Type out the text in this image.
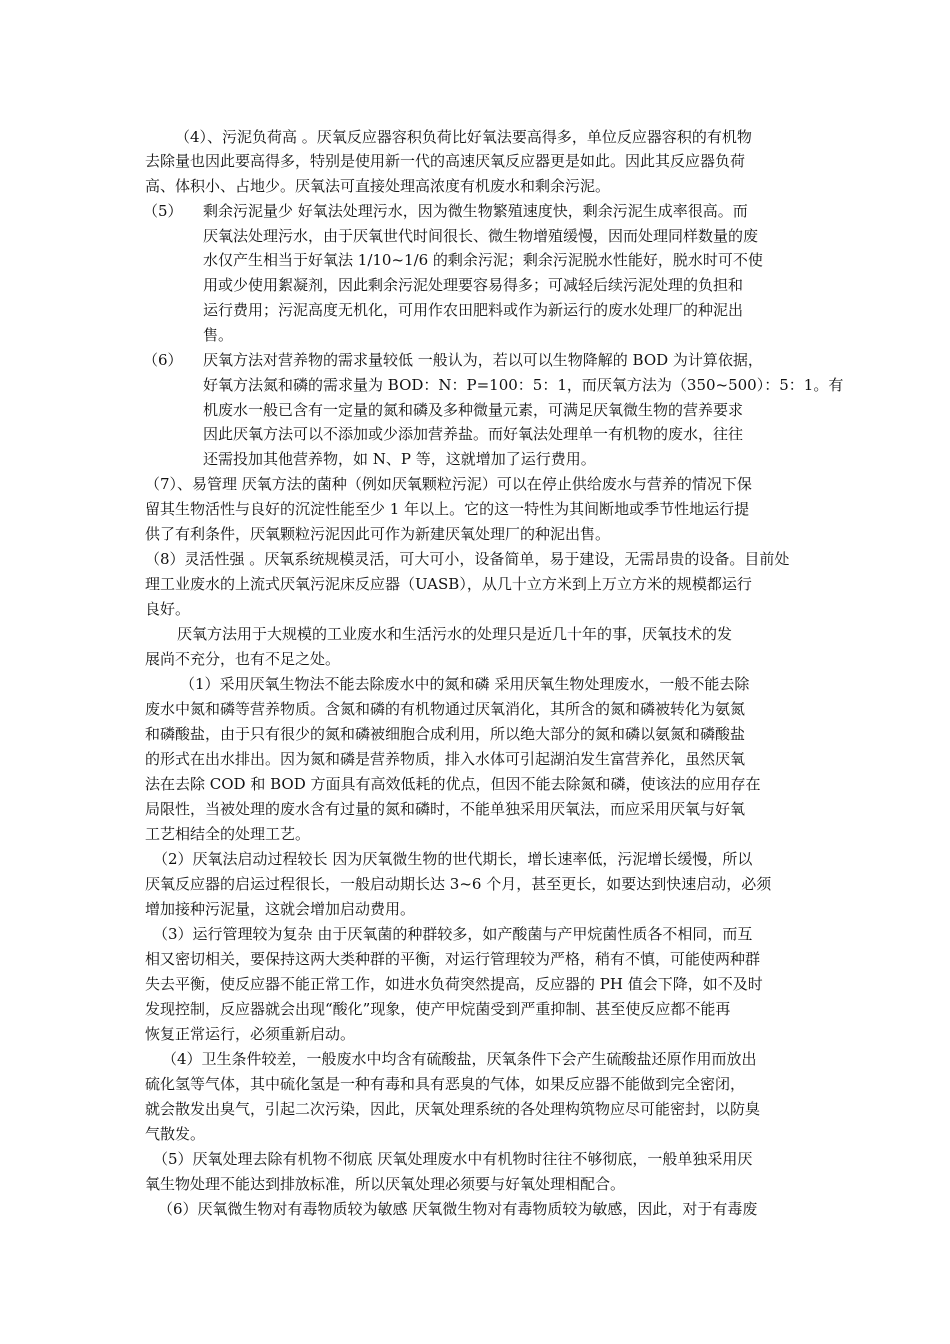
（4）、污泥负荷高 。厌氧反应器容积负荷比好氧法要高得多，单位反应器容积的有机物
去除量也因此要高得多，特别是使用新一代的高速厌氧反应器更是如此。因此其反应器负荷
高、体积小、占地少。厌氧法可直接处理高浓度有机废水和剩余污泥。
（5） 剩余污泥量少 好氧法处理污水，因为微生物繁殖速度快，剩余污泥生成率很高。而
厌氧法处理污水，由于厌氧世代时间很长、微生物增殖缓慢，因而处理同样数量的废
水仅产生相当于好氧法 1/10~1/6 的剩余污泥；剩余污泥脱水性能好，脱水时可不使
用或少使用絮凝剂，因此剩余污泥处理要容易得多；可减轻后续污泥处理的负担和
运行费用；污泥高度无机化，可用作农田肥料或作为新运行的废水处理厂的种泥出
售。
（6） 厌氧方法对营养物的需求量较低 一般认为，若以可以生物降解的 BOD 为计算依据，
好氧方法氮和磷的需求量为 BOD：N：P=100：5：1，而厌氧方法为（350~500）：5：1。有
机废水一般已含有一定量的氮和磷及多种微量元素，可满足厌氧微生物的营养要求
因此厌氧方法可以不添加或少添加营养盐。而好氧法处理单一有机物的废水，往往
还需投加其他营养物，如 N、P 等，这就增加了运行费用。
（7）、易管理 厌氧方法的菌种（例如厌氧颗粒污泥）可以在停止供给废水与营养的情况下保
留其生物活性与良好的沉淀性能至少 1 年以上。它的这一特性为其间断地或季节性地运行提
供了有利条件，厌氧颗粒污泥因此可作为新建厌氧处理厂的种泥出售。
（8）灵活性强 。厌氧系统规模灵活，可大可小，设备简单，易于建设，无需昂贵的设备。目前处
理工业废水的上流式厌氧污泥床反应器（UASB），从几十立方米到上万立方米的规模都运行
良好。
厌氧方法用于大规模的工业废水和生活污水的处理只是近几十年的事，厌氧技术的发
展尚不充分，也有不足之处。
（1）采用厌氧生物法不能去除废水中的氮和磷 采用厌氧生物处理废水，一般不能去除
废水中氮和磷等营养物质。含氮和磷的有机物通过厌氧消化，其所含的氮和磷被转化为氨氮
和磷酸盐，由于只有很少的氮和磷被细胞合成利用，所以绝大部分的氮和磷以氨氮和磷酸盐
的形式在出水排出。因为氮和磷是营养物质，排入水体可引起湖泊发生富营养化，虽然厌氧
法在去除 COD 和 BOD 方面具有高效低耗的优点，但因不能去除氮和磷，使该法的应用存在
局限性，当被处理的废水含有过量的氮和磷时，不能单独采用厌氧法，而应采用厌氧与好氧
工艺相结全的处理工艺。
（2）厌氧法启动过程较长 因为厌氧微生物的世代期长，增长速率低，污泥增长缓慢，所以
厌氧反应器的启运过程很长，一般启动期长达 3~6 个月，甚至更长，如要达到快速启动，必须
增加接种污泥量，这就会增加启动费用。
（3）运行管理较为复杂 由于厌氧菌的种群较多，如产酸菌与产甲烷菌性质各不相同，而互
相又密切相关，要保持这两大类种群的平衡，对运行管理较为严格，稍有不慎，可能使两种群
失去平衡，使反应器不能正常工作，如进水负荷突然提高，反应器的 PH 值会下降，如不及时
发现控制，反应器就会出现“酸化”现象，使产甲烷菌受到严重抑制、甚至使反应都不能再
恢复正常运行，必须重新启动。
（4）卫生条件较差，一般废水中均含有硫酸盐，厌氧条件下会产生硫酸盐还原作用而放出
硫化氢等气体，其中硫化氢是一种有毒和具有恶臭的气体，如果反应器不能做到完全密闭，
就会散发出臭气，引起二次污染，因此，厌氧处理系统的各处理构筑物应尽可能密封，以防臭
气散发。
（5）厌氧处理去除有机物不彻底 厌氧处理废水中有机物时往往不够彻底，一般单独采用厌
氧生物处理不能达到排放标准，所以厌氧处理必须要与好氧处理相配合。
（6）厌氧微生物对有毒物质较为敏感 厌氧微生物对有毒物质较为敏感，因此，对于有毒废
